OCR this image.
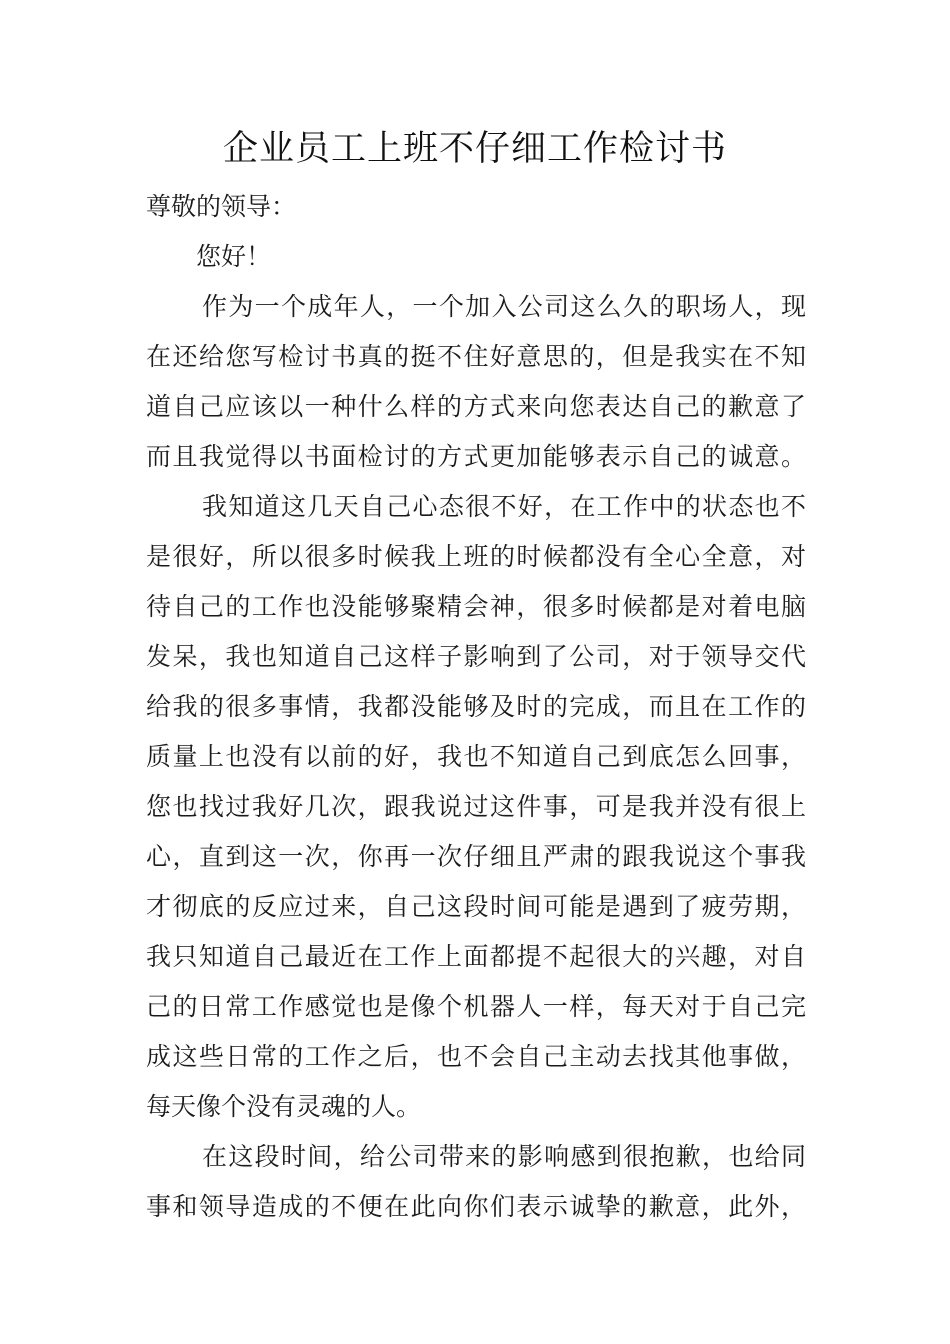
企业员工上班不仔细工作检讨书
尊敬的领导：
您好！
作为一个成年人，一个加入公司这么久的职场人，现
在还给您写检讨书真的挺不住好意思的，但是我实在不知
道自己应该以一种什么样的方式来向您表达自己的歉意了
而且我觉得以书面检讨的方式更加能够表示自己的诚意。
我知道这几天自己心态很不好，在工作中的状态也不
是很好，所以很多时候我上班的时候都没有全心全意，对
待自己的工作也没能够聚精会神，很多时候都是对着电脑
发呆，我也知道自己这样子影响到了公司，对于领导交代
给我的很多事情，我都没能够及时的完成，而且在工作的
质量上也没有以前的好，我也不知道自己到底怎么回事，
您也找过我好几次，跟我说过这件事，可是我并没有很上
心，直到这一次，你再一次仔细且严肃的跟我说这个事我
才彻底的反应过来，自己这段时间可能是遇到了疲劳期，
我只知道自己最近在工作上面都提不起很大的兴趣，对自
己的日常工作感觉也是像个机器人一样，每天对于自己完
成这些日常的工作之后，也不会自己主动去找其他事做，
每天像个没有灵魂的人。
在这段时间，给公司带来的影响感到很抱歉，也给同
事和领导造成的不便在此向你们表示诚挚的歉意，此外，
